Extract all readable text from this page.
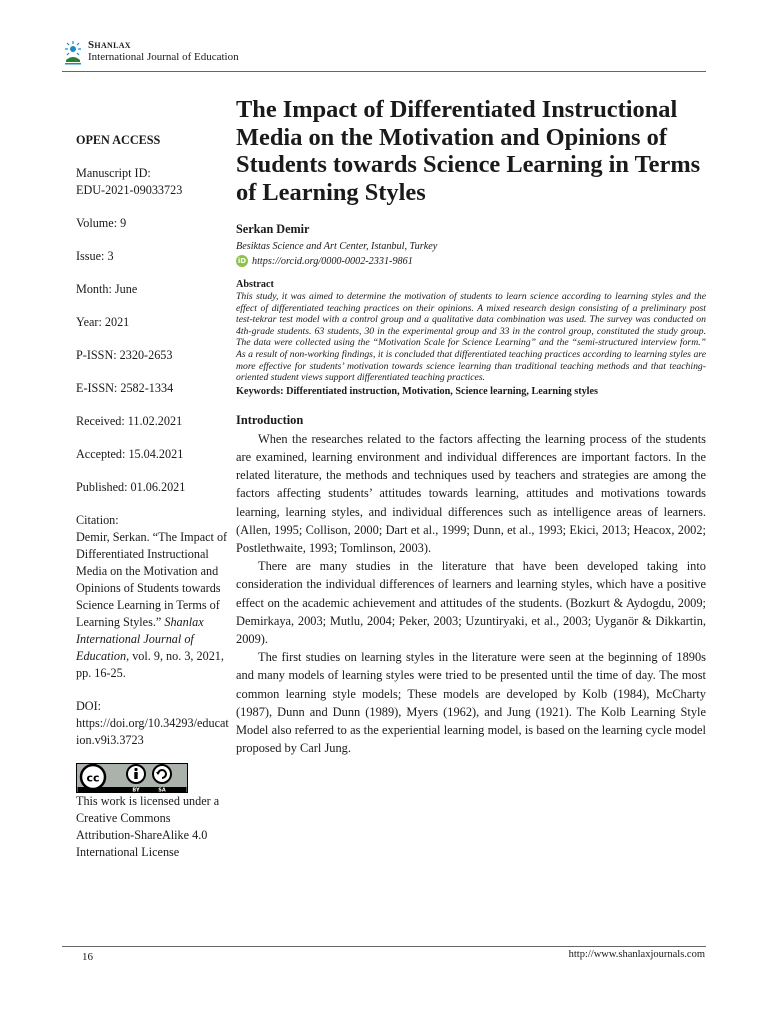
Shanlax
International Journal of Education
OPEN ACCESS
Manuscript ID:
EDU-2021-09033723
Volume: 9
Issue: 3
Month: June
Year: 2021
P-ISSN: 2320-2653
E-ISSN: 2582-1334
Received: 11.02.2021
Accepted: 15.04.2021
Published: 01.06.2021
Citation:
Demir, Serkan. “The Impact of Differentiated Instructional Media on the Motivation and Opinions of Students towards Science Learning in Terms of Learning Styles.” Shanlax International Journal of Education, vol. 9, no. 3, 2021, pp. 16-25.
DOI:
https://doi.org/10.34293/education.v9i3.3723
cc
BY	SA
This work is licensed under a Creative Commons Attribution-ShareAlike 4.0 International License
The Impact of Differentiated Instructional Media on the Motivation and Opinions of Students towards Science Learning in Terms of Learning Styles
Serkan Demir
Besiktas Science and Art Center, Istanbul, Turkey
iD https://orcid.org/0000-0002-2331-9861
Abstract
This study, it was aimed to determine the motivation of students to learn science according to learning styles and the effect of differentiated teaching practices on their opinions. A mixed research design consisting of a preliminary post test-tekrar test model with a control group and a qualitative data combination was used. The survey was conducted on 4th-grade students. 63 students, 30 in the experimental group and 33 in the control group, constituted the study group. The data were collected using the “Motivation Scale for Science Learning” and the “semi-structured interview form.” As a result of non-working findings, it is concluded that differentiated teaching practices according to learning styles are more effective for students’ motivation towards science learning than traditional teaching methods and that teaching-oriented student views support differentiated teaching practices.
Keywords: Differentiated instruction, Motivation, Science learning, Learning styles
Introduction

When the researches related to the factors affecting the learning process of the students are examined, learning environment and individual differences are important factors. In the related literature, the methods and techniques used by teachers and strategies are among the factors affecting students’ attitudes towards learning, attitudes and motivations towards learning, learning styles, and individual differences such as intelligence areas of learners. (Allen, 1995; Collison, 2000; Dart et al., 1999; Dunn, et al., 1993; Ekici, 2013; Heacox, 2002; Postlethwaite, 1993; Tomlinson, 2003).

There are many studies in the literature that have been developed taking into consideration the individual differences of learners and learning styles, which have a positive effect on the academic achievement and attitudes of the students. (Bozkurt & Aydogdu, 2009; Demirkaya, 2003; Mutlu, 2004; Peker, 2003; Uzuntiryaki, et al., 2003; Uyganör & Dikkartin, 2009).

The first studies on learning styles in the literature were seen at the beginning of 1890s and many models of learning styles were tried to be presented until the time of day. The most common learning style models; These models are developed by Kolb (1984), McCharty (1987), Dunn and Dunn (1989), Myers (1962), and Jung (1921). The Kolb Learning Style Model also referred to as the experiential learning model, is based on the learning cycle model proposed by Carl Jung.

16	http://www.shanlaxjournals.com
